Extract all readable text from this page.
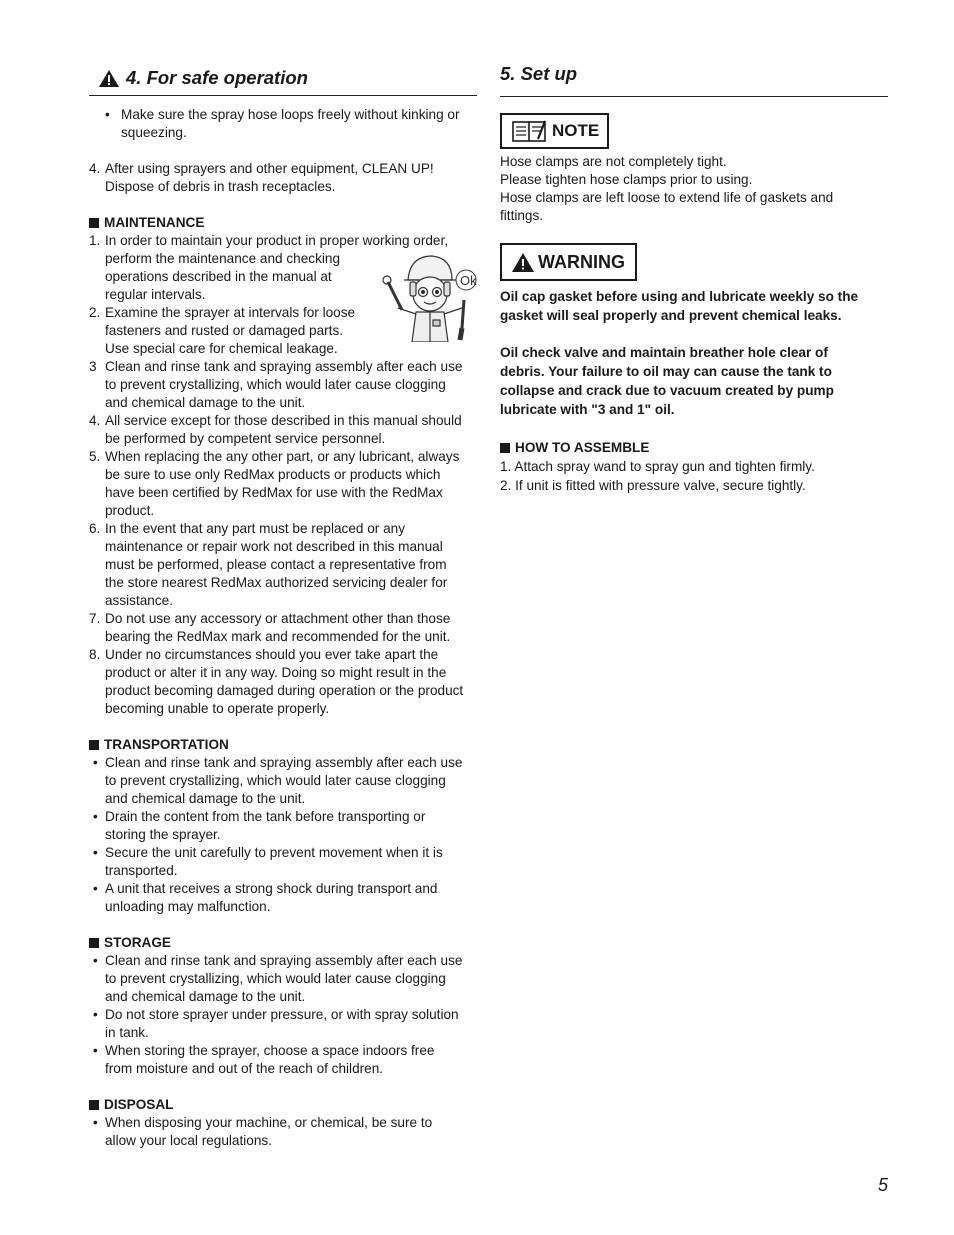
4. For safe operation
• Make sure the spray hose loops freely without kinking or squeezing.
4. After using sprayers and other equipment, CLEAN UP! Dispose of debris in trash receptacles.
MAINTENANCE
1. In order to maintain your product in proper working order,
perform the maintenance and checking
operations described in the manual at
regular intervals.
2. Examine the sprayer at intervals for loose
fasteners and rusted or damaged parts.
Use special care for chemical leakage.
3 Clean and rinse tank and spraying assembly after each use
to prevent crystallizing, which would later cause clogging
and chemical damage to the unit.
4. All service except for those described in this manual should
be performed by competent service personnel.
5. When replacing the any other part, or any lubricant, always
be sure to use only RedMax products or products which
have been certified by RedMax for use with the RedMax
product.
6. In the event that any part must be replaced or any
maintenance or repair work not described in this manual
must be performed, please contact a representative from
the store nearest RedMax authorized servicing dealer for
assistance.
7. Do not use any accessory or attachment other than those
bearing the RedMax mark and recommended for the unit.
8. Under no circumstances should you ever take apart the
product or alter it in any way. Doing so might result in the
product becoming damaged during operation or the product
becoming unable to operate properly.
TRANSPORTATION
• Clean and rinse tank and spraying assembly after each use
to prevent crystallizing, which would later cause clogging
and chemical damage to the unit.
• Drain the content from the tank before transporting or
storing the sprayer.
• Secure the unit carefully to prevent movement when it is
transported.
• A unit that receives a strong shock during transport and
unloading may malfunction.
STORAGE
• Clean and rinse tank and spraying assembly after each use
to prevent crystallizing, which would later cause clogging
and chemical damage to the unit.
• Do not store sprayer under pressure, or with spray solution
in tank.
• When storing the sprayer, choose a space indoors free
from moisture and out of the reach of children.
DISPOSAL
• When disposing your machine, or chemical, be sure to
allow your local regulations.
Ok
5. Set up
NOTE
Hose clamps are not completely tight.
Please tighten hose clamps prior to using.
Hose clamps are left loose to extend life of gaskets and
fittings.
WARNING
Oil cap gasket before using and lubricate weekly so the
gasket will seal properly and prevent chemical leaks.
Oil check valve and maintain breather hole clear of
debris. Your failure to oil may can cause the tank to
collapse and crack due to vacuum created by pump
lubricate with "3 and 1" oil.
HOW TO ASSEMBLE
1. Attach spray wand to spray gun and tighten firmly.
2. If unit is fitted with pressure valve, secure tightly.
5
